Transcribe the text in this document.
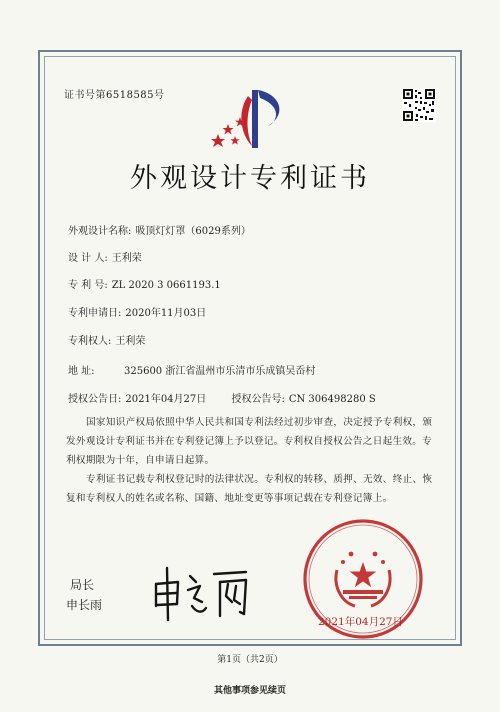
证书号第6518585号
外观设计专利证书
外观设计名称: 吸顶灯灯罩（6029系列）
设 计 人: 王利荣
专 利 号: ZL 2020 3 0661193.1
专利申请日: 2020年11月03日
专利权人: 王利荣
地 址:	325600 浙江省温州市乐清市乐成镇吴岙村
授权公告日: 2021年04月27日	授权公告号: CN 306498280 S
国家知识产权局依照中华人民共和国专利法经过初步审查，决定授予专利权，颁发外观设计专利证书并在专利登记簿上予以登记。专利权自授权公告之日起生效。专利权期限为十年，自申请日起算。
专利证书记载专利权登记时的法律状况。专利权的转移、质押、无效、终止、恢复和专利权人的姓名或名称、国籍、地址变更等事项记载在专利登记簿上。
局长
申长雨
2021年04月27日
第1页（共2页）
其他事项参见续页
